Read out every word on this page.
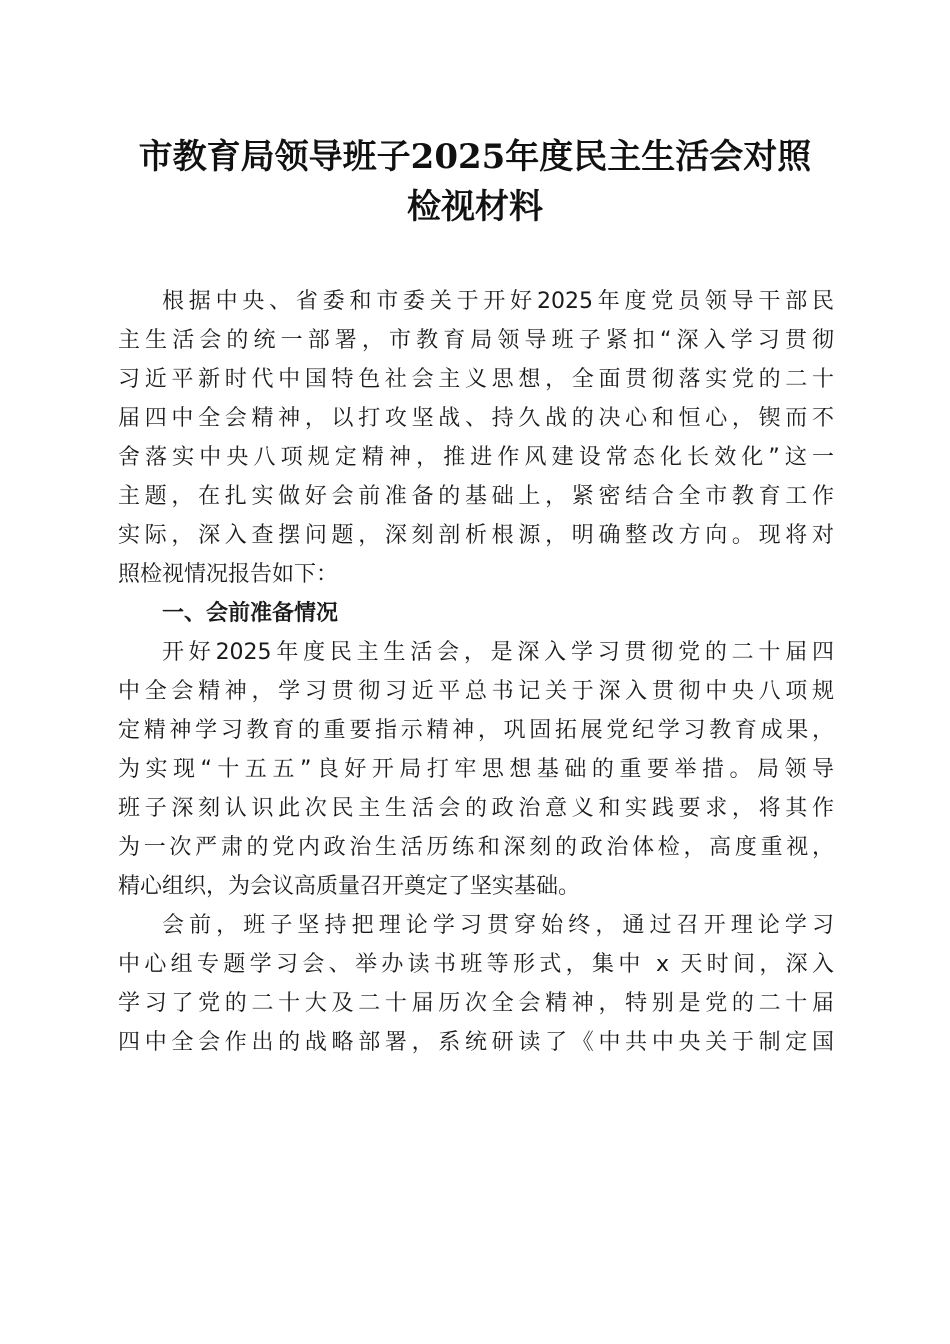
市教育局领导班子2025年度民主生活会对照
检视材料
根据中央、省委和市委关于开好2025年度党员领导干部民
主生活会的统一部署，市教育局领导班子紧扣“深入学习贯彻
习近平新时代中国特色社会主义思想，全面贯彻落实党的二十
届四中全会精神，以打攻坚战、持久战的决心和恒心，锲而不
舍落实中央八项规定精神，推进作风建设常态化长效化”这一
主题，在扎实做好会前准备的基础上，紧密结合全市教育工作
实际，深入查摆问题，深刻剖析根源，明确整改方向。现将对
照检视情况报告如下：
一、会前准备情况
开好2025年度民主生活会，是深入学习贯彻党的二十届四
中全会精神，学习贯彻习近平总书记关于深入贯彻中央八项规
定精神学习教育的重要指示精神，巩固拓展党纪学习教育成果，
为实现“十五五”良好开局打牢思想基础的重要举措。局领导
班子深刻认识此次民主生活会的政治意义和实践要求，将其作
为一次严肃的党内政治生活历练和深刻的政治体检，高度重视，
精心组织，为会议高质量召开奠定了坚实基础。
会前，班子坚持把理论学习贯穿始终，通过召开理论学习
中心组专题学习会、举办读书班等形式，集中 x 天时间，深入
学习了党的二十大及二十届历次全会精神，特别是党的二十届
四中全会作出的战略部署，系统研读了《中共中央关于制定国
